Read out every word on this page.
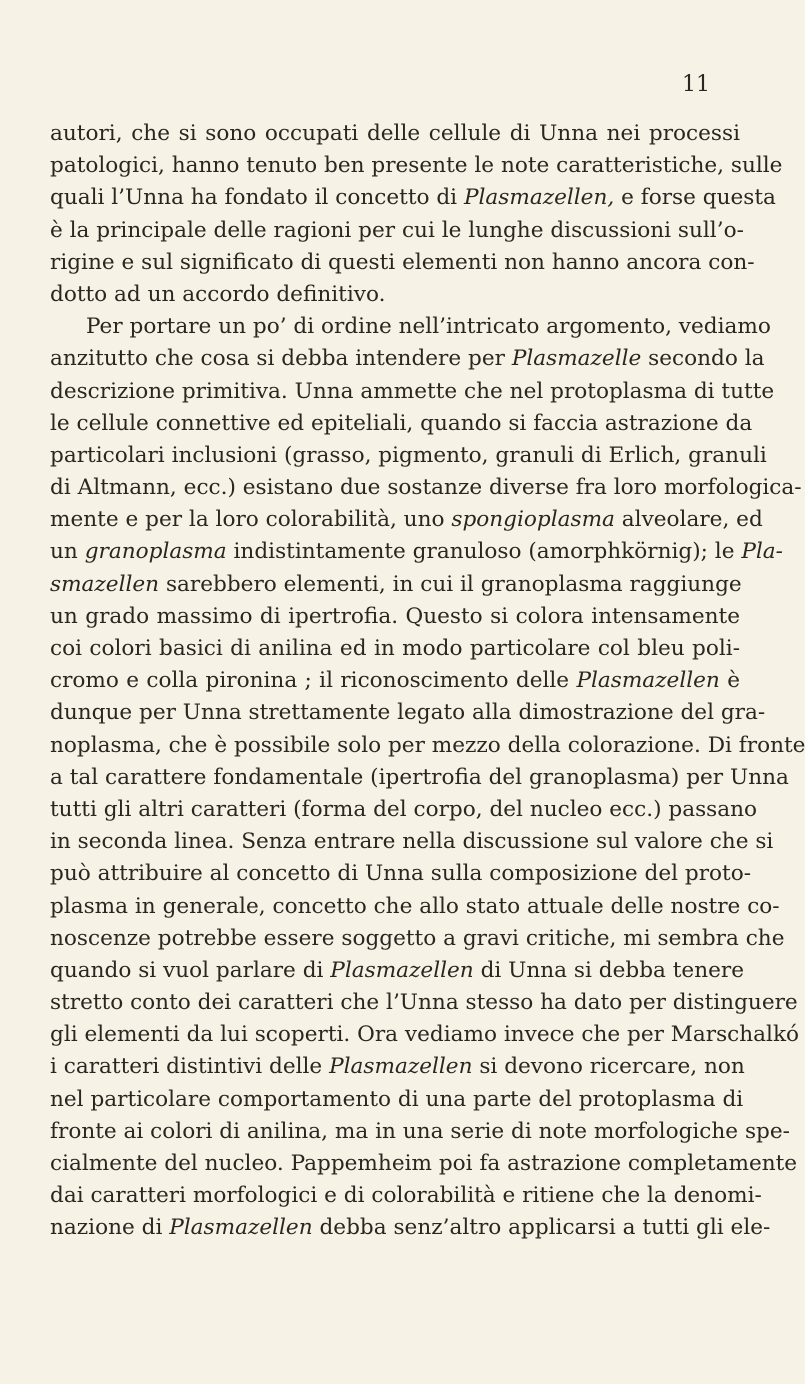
11
autori, che si sono occupati delle cellule di Unna nei processi
patologici, hanno tenuto ben presente le note caratteristiche, sulle
quali l’Unna ha fondato il concetto di Plasmazellen, e forse questa
è la principale delle ragioni per cui le lunghe discussioni sull’o-
rigine e sul significato di questi elementi non hanno ancora con-
dotto ad un accordo definitivo.
Per portare un po’ di ordine nell’intricato argomento, vediamo
anzitutto che cosa si debba intendere per Plasmazelle secondo la
descrizione primitiva. Unna ammette che nel protoplasma di tutte
le cellule connettive ed epiteliali, quando si faccia astrazione da
particolari inclusioni (grasso, pigmento, granuli di Erlich, granuli
di Altmann, ecc.) esistano due sostanze diverse fra loro morfologica-
mente e per la loro colorabilità, uno spongioplasma alveolare, ed
un granoplasma indistintamente granuloso (amorphkörnig); le Pla-
smazellen sarebbero elementi, in cui il granoplasma raggiunge
un grado massimo di ipertrofia. Questo si colora intensamente
coi colori basici di anilina ed in modo particolare col bleu poli-
cromo e colla pironina ; il riconoscimento delle Plasmazellen è
dunque per Unna strettamente legato alla dimostrazione del gra-
noplasma, che è possibile solo per mezzo della colorazione. Di fronte
a tal carattere fondamentale (ipertrofia del granoplasma) per Unna
tutti gli altri caratteri (forma del corpo, del nucleo ecc.) passano
in seconda linea. Senza entrare nella discussione sul valore che si
può attribuire al concetto di Unna sulla composizione del proto-
plasma in generale, concetto che allo stato attuale delle nostre co-
noscenze potrebbe essere soggetto a gravi critiche, mi sembra che
quando si vuol parlare di Plasmazellen di Unna si debba tenere
stretto conto dei caratteri che l’Unna stesso ha dato per distinguere
gli elementi da lui scoperti. Ora vediamo invece che per Marschalkó
i caratteri distintivi delle Plasmazellen si devono ricercare, non
nel particolare comportamento di una parte del protoplasma di
fronte ai colori di anilina, ma in una serie di note morfologiche spe-
cialmente del nucleo. Pappemheim poi fa astrazione completamente
dai caratteri morfologici e di colorabilità e ritiene che la denomi-
nazione di Plasmazellen debba senz’altro applicarsi a tutti gli ele-
